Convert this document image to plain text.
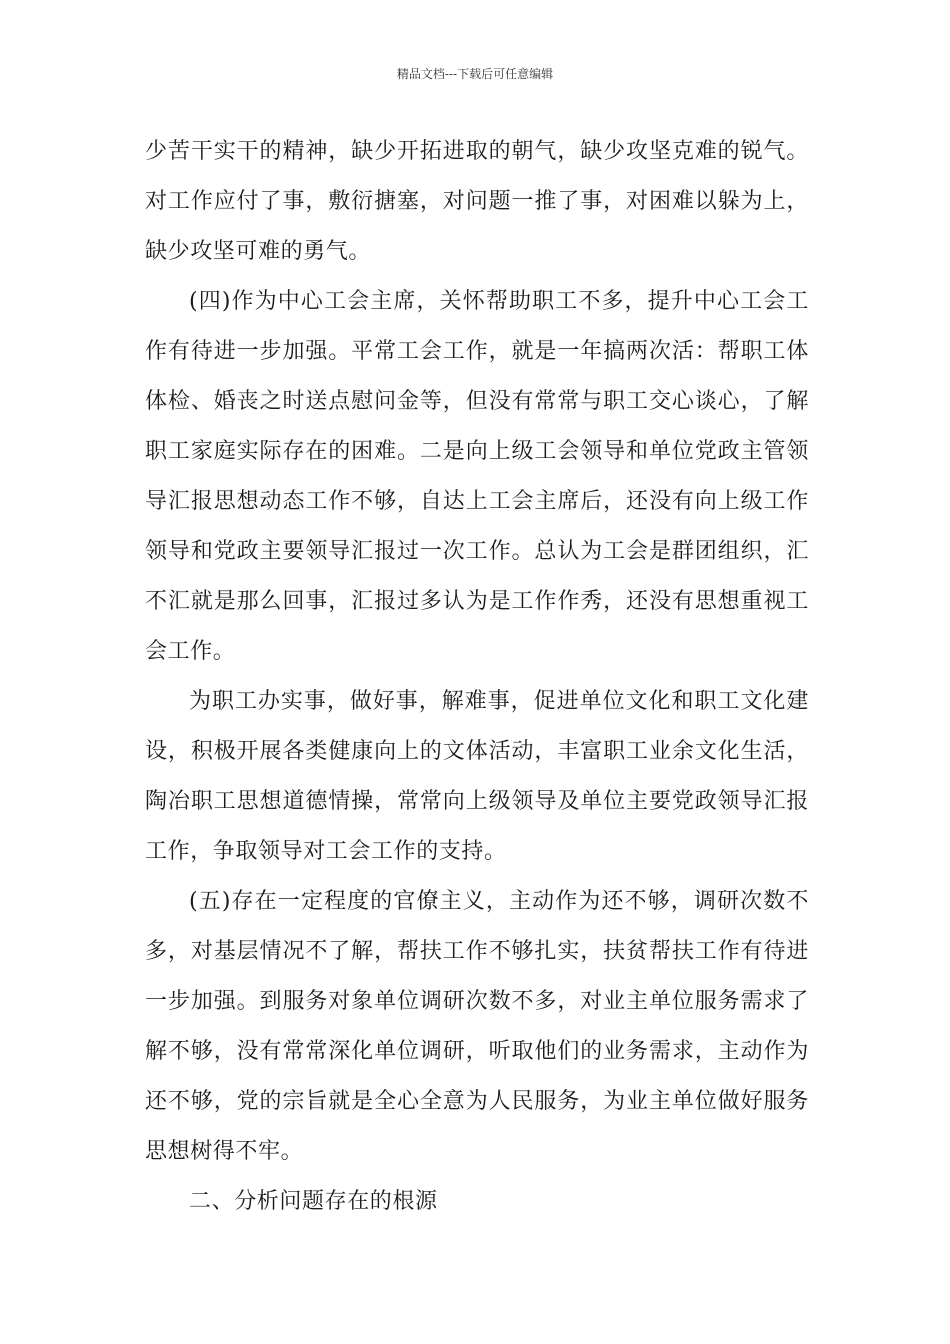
精品文档---下载后可任意编辑

少苦干实干的精神，缺少开拓进取的朝气，缺少攻坚克难的锐气。对工作应付了事，敷衍搪塞，对问题一推了事，对困难以躲为上，缺少攻坚可难的勇气。

(四)作为中心工会主席，关怀帮助职工不多，提升中心工会工作有待进一步加强。平常工会工作，就是一年搞两次活：帮职工体体检、婚丧之时送点慰问金等，但没有常常与职工交心谈心，了解职工家庭实际存在的困难。二是向上级工会领导和单位党政主管领导汇报思想动态工作不够，自达上工会主席后，还没有向上级工作领导和党政主要领导汇报过一次工作。总认为工会是群团组织，汇不汇就是那么回事，汇报过多认为是工作作秀，还没有思想重视工会工作。

为职工办实事，做好事，解难事，促进单位文化和职工文化建设，积极开展各类健康向上的文体活动，丰富职工业余文化生活，陶冶职工思想道德情操，常常向上级领导及单位主要党政领导汇报工作，争取领导对工会工作的支持。

(五)存在一定程度的官僚主义，主动作为还不够，调研次数不多，对基层情况不了解，帮扶工作不够扎实，扶贫帮扶工作有待进一步加强。到服务对象单位调研次数不多，对业主单位服务需求了解不够，没有常常深化单位调研，听取他们的业务需求，主动作为还不够，党的宗旨就是全心全意为人民服务，为业主单位做好服务思想树得不牢。

二、分析问题存在的根源
